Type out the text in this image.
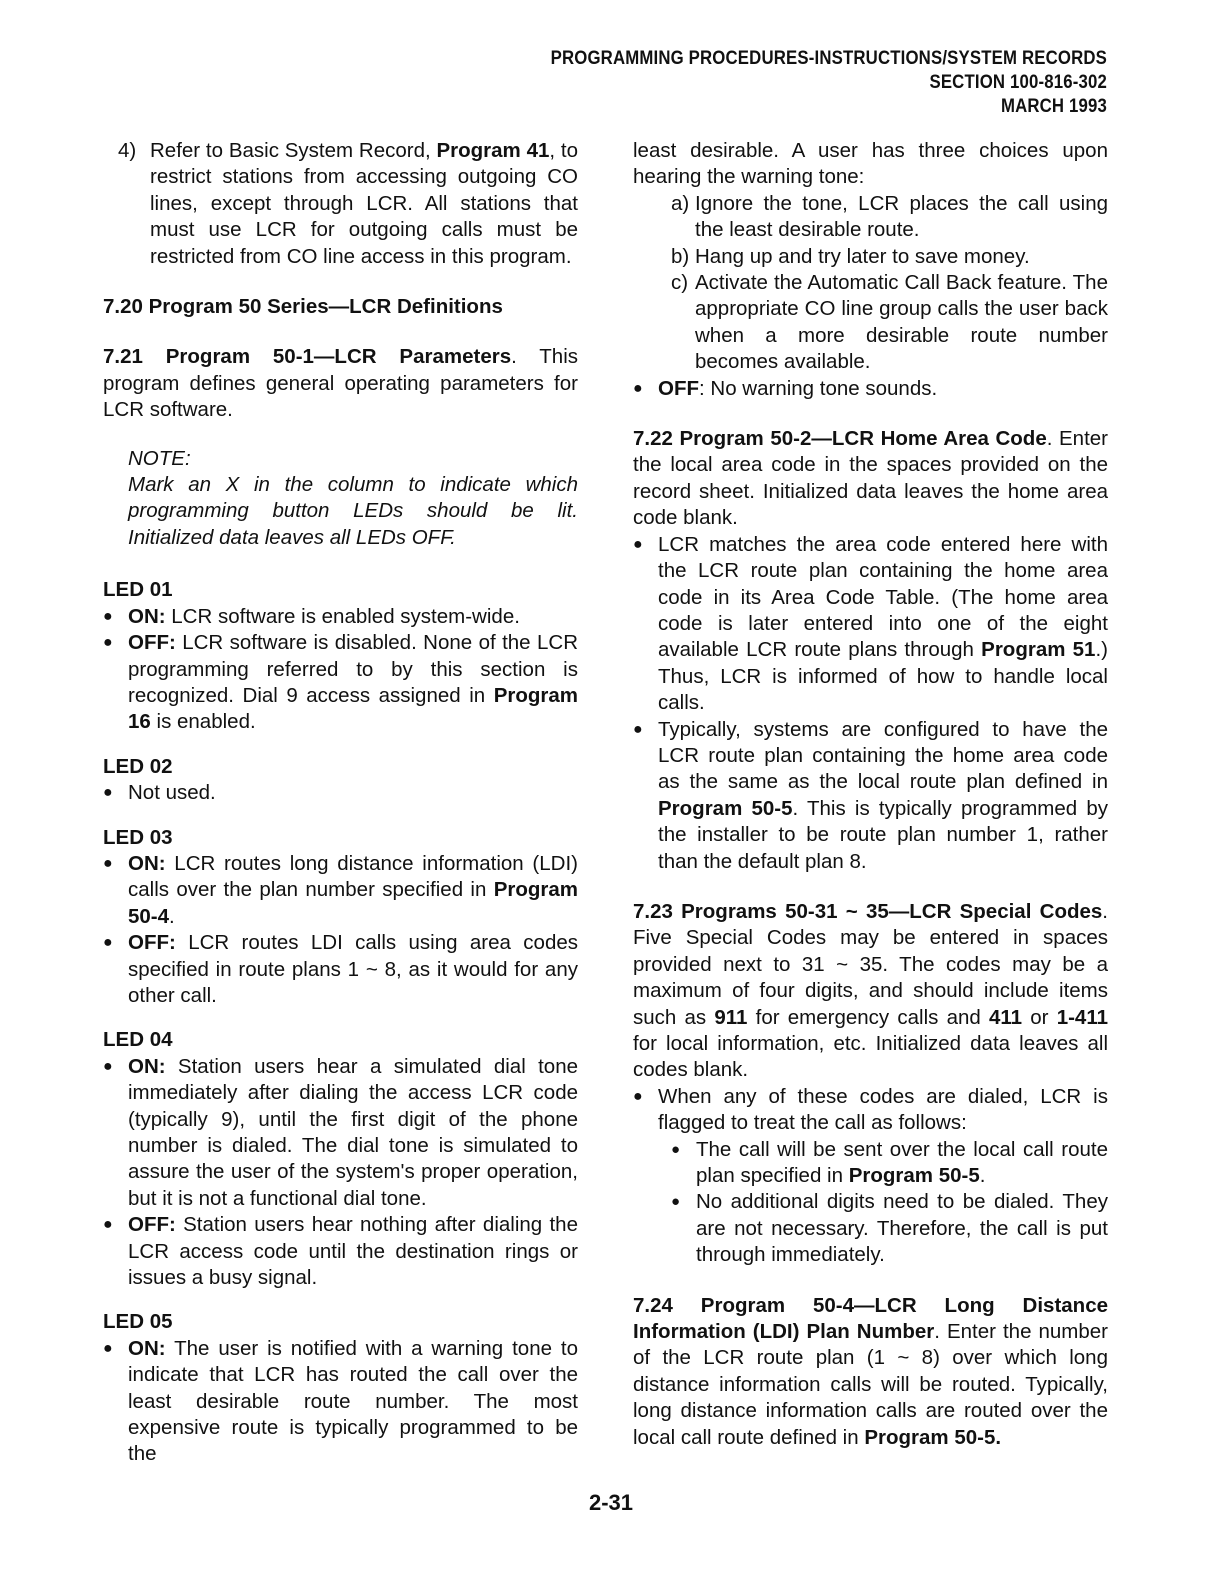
PROGRAMMING PROCEDURES-INSTRUCTIONS/SYSTEM RECORDS
SECTION 100-816-302
MARCH 1993
4) Refer to Basic System Record, Program 41, to restrict stations from accessing outgoing CO lines, except through LCR. All stations that must use LCR for outgoing calls must be restricted from CO line access in this program.

7.20 Program 50 Series—LCR Definitions

7.21 Program 50-1—LCR Parameters. This program defines general operating parameters for LCR software.

NOTE:
Mark an X in the column to indicate which programming button LEDs should be lit. Initialized data leaves all LEDs OFF.

LED 01

● ON: LCR software is enabled system-wide.
● OFF: LCR software is disabled. None of the LCR programming referred to by this section is recognized. Dial 9 access assigned in Program 16 is enabled.

LED 02

● Not used.

LED 03

● ON: LCR routes long distance information (LDI) calls over the plan number specified in Program 50-4.
● OFF: LCR routes LDI calls using area codes specified in route plans 1 ~ 8, as it would for any other call.

LED 04

● ON: Station users hear a simulated dial tone immediately after dialing the access LCR code (typically 9), until the first digit of the phone number is dialed. The dial tone is simulated to assure the user of the system's proper operation, but it is not a functional dial tone.
● OFF: Station users hear nothing after dialing the LCR access code until the destination rings or issues a busy signal.

LED 05

● ON: The user is notified with a warning tone to indicate that LCR has routed the call over the least desirable route number. The most expensive route is typically programmed to be the

least desirable. A user has three choices upon hearing the warning tone:

a) Ignore the tone, LCR places the call using the least desirable route.
b) Hang up and try later to save money.
c) Activate the Automatic Call Back feature. The appropriate CO line group calls the user back when a more desirable route number becomes available.
● OFF: No warning tone sounds.

7.22 Program 50-2—LCR Home Area Code. Enter the local area code in the spaces provided on the record sheet. Initialized data leaves the home area code blank.

● LCR matches the area code entered here with the LCR route plan containing the home area code in its Area Code Table. (The home area code is later entered into one of the eight available LCR route plans through Program 51.) Thus, LCR is informed of how to handle local calls.
● Typically, systems are configured to have the LCR route plan containing the home area code as the same as the local route plan defined in Program 50-5. This is typically programmed by the installer to be route plan number 1, rather than the default plan 8.

7.23 Programs 50-31 ~ 35—LCR Special Codes. Five Special Codes may be entered in spaces provided next to 31 ~ 35. The codes may be a maximum of four digits, and should include items such as 911 for emergency calls and 411 or 1-411 for local information, etc. Initialized data leaves all codes blank.

● When any of these codes are dialed, LCR is flagged to treat the call as follows:
● The call will be sent over the local call route plan specified in Program 50-5.
● No additional digits need to be dialed. They are not necessary. Therefore, the call is put through immediately.

7.24 Program 50-4—LCR Long Distance Information (LDI) Plan Number. Enter the number of the LCR route plan (1 ~ 8) over which long distance information calls will be routed. Typically, long distance information calls are routed over the local call route defined in Program 50-5.

2-31
